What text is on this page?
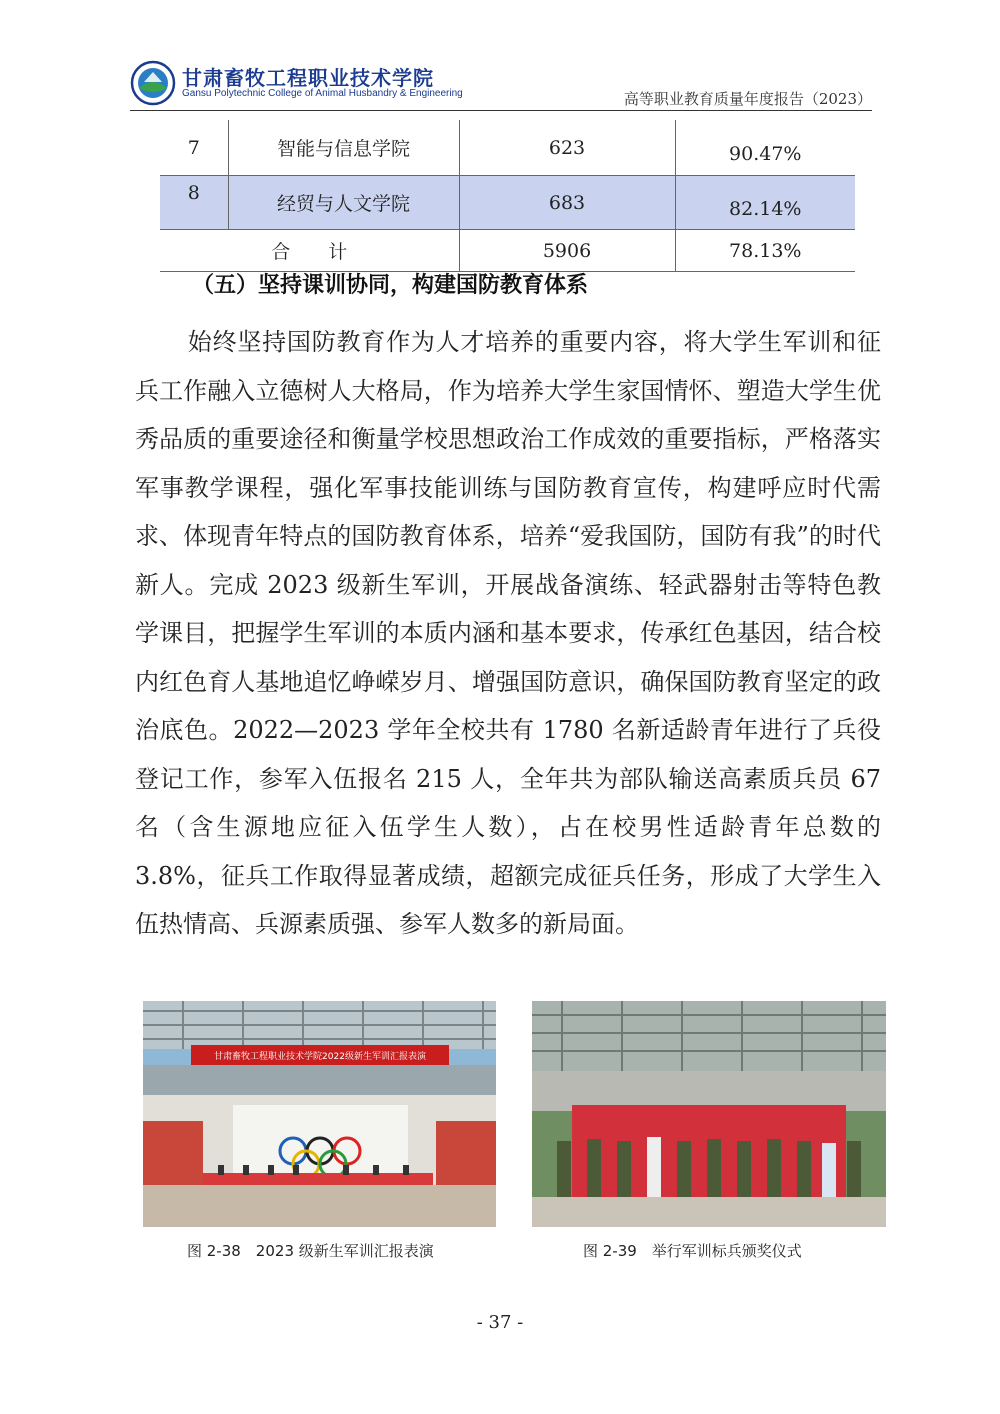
甘肃畜牧工程职业技术学院
Gansu Polytechnic College of Animal Husbandry & Engineering	高等职业教育质量年度报告（2023）
7	智能与信息学院	623	90.47%
8	经贸与人文学院	683	82.14%
合　　计		5906	78.13%
（五）坚持课训协同，构建国防教育体系

始终坚持国防教育作为人才培养的重要内容，将大学生军训和征兵工作融入立德树人大格局，作为培养大学生家国情怀、塑造大学生优秀品质的重要途径和衡量学校思想政治工作成效的重要指标，严格落实军事教学课程，强化军事技能训练与国防教育宣传，构建呼应时代需求、体现青年特点的国防教育体系，培养“爱我国防，国防有我”的时代新人。完成 2023 级新生军训，开展战备演练、轻武器射击等特色教学课目，把握学生军训的本质内涵和基本要求，传承红色基因，结合校内红色育人基地追忆峥嵘岁月、增强国防意识，确保国防教育坚定的政治底色。2022—2023 学年全校共有 1780 名新适龄青年进行了兵役登记工作，参军入伍报名 215 人，全年共为部队输送高素质兵员 67 名（含生源地应征入伍学生人数），占在校男性适龄青年总数的 3.8%，征兵工作取得显著成绩，超额完成征兵任务，形成了大学生入伍热情高、兵源素质强、参军人数多的新局面。

甘肃畜牧工程职业技术学院2022级新生军训汇报表演
图 2-38　2023 级新生军训汇报表演	图 2-39　举行军训标兵颁奖仪式
- 37 -
